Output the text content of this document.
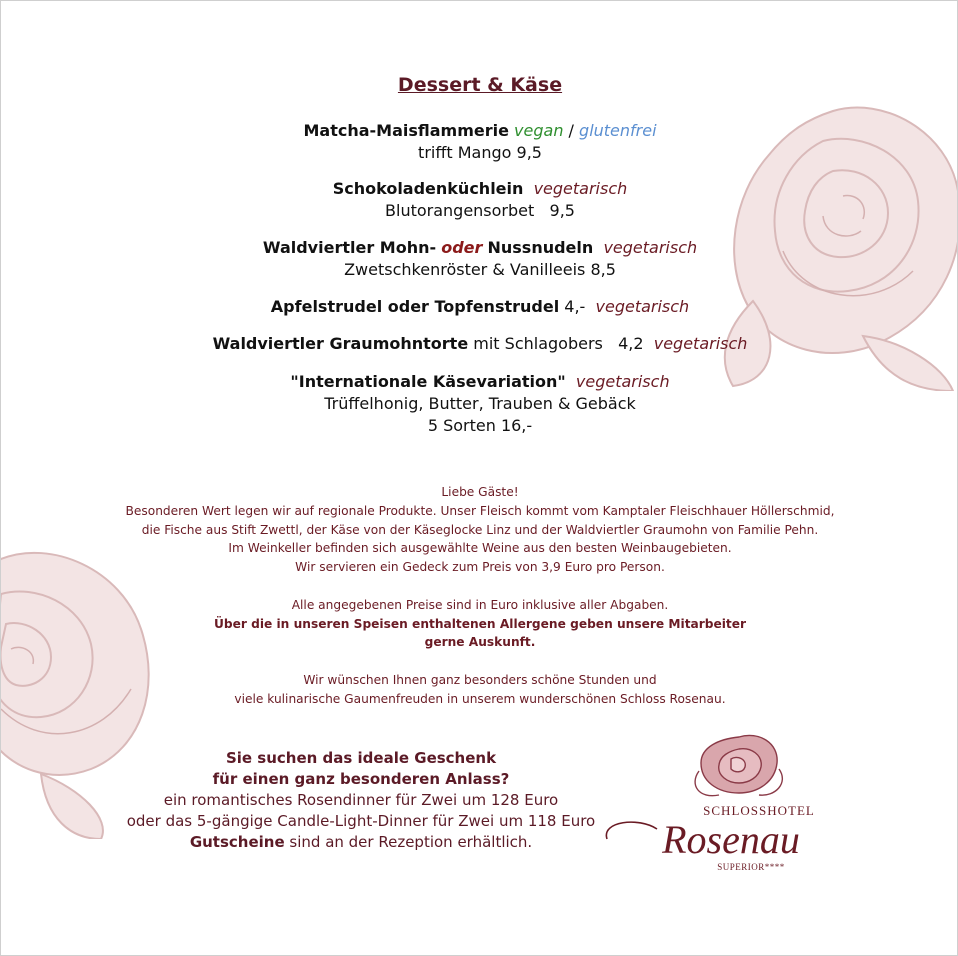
Dessert & Käse
Matcha-Maisflammerie vegan / glutenfrei
trifft Mango 9,5
Schokoladenküchlein vegetarisch
Blutorangensorbet   9,5
Waldviertler Mohn- oder Nussnudeln vegetarisch
Zwetschkenröster & Vanilleeis 8,5
Apfelstrudel oder Topfenstrudel 4,- vegetarisch
Waldviertler Graumohntorte mit Schlagobers   4,2 vegetarisch
"Internationale Käsevariation" vegetarisch
Trüffelhonig, Butter, Trauben & Gebäck
5 Sorten 16,-
Liebe Gäste!
Besonderen Wert legen wir auf regionale Produkte. Unser Fleisch kommt vom Kamptaler Fleischhauer Höllerschmid,
die Fische aus Stift Zwettl, der Käse von der Käseglocke Linz und der Waldviertler Graumohn von Familie Pehn.
Im Weinkeller befinden sich ausgewählte Weine aus den besten Weinbaugebieten.
Wir servieren ein Gedeck zum Preis von 3,9 Euro pro Person.
Alle angegebenen Preise sind in Euro inklusive aller Abgaben.
Über die in unseren Speisen enthaltenen Allergene geben unsere Mitarbeiter
gerne Auskunft.
Wir wünschen Ihnen ganz besonders schöne Stunden und
viele kulinarische Gaumenfreuden in unserem wunderschönen Schloss Rosenau.
Sie suchen das ideale Geschenk
für einen ganz besonderen Anlass?
ein romantisches Rosendinner für Zwei um 128 Euro
oder das 5-gängige Candle-Light-Dinner für Zwei um 118 Euro
Gutscheine sind an der Rezeption erhältlich.
SCHLOSSHOTEL
Rosenau
SUPERIOR****
